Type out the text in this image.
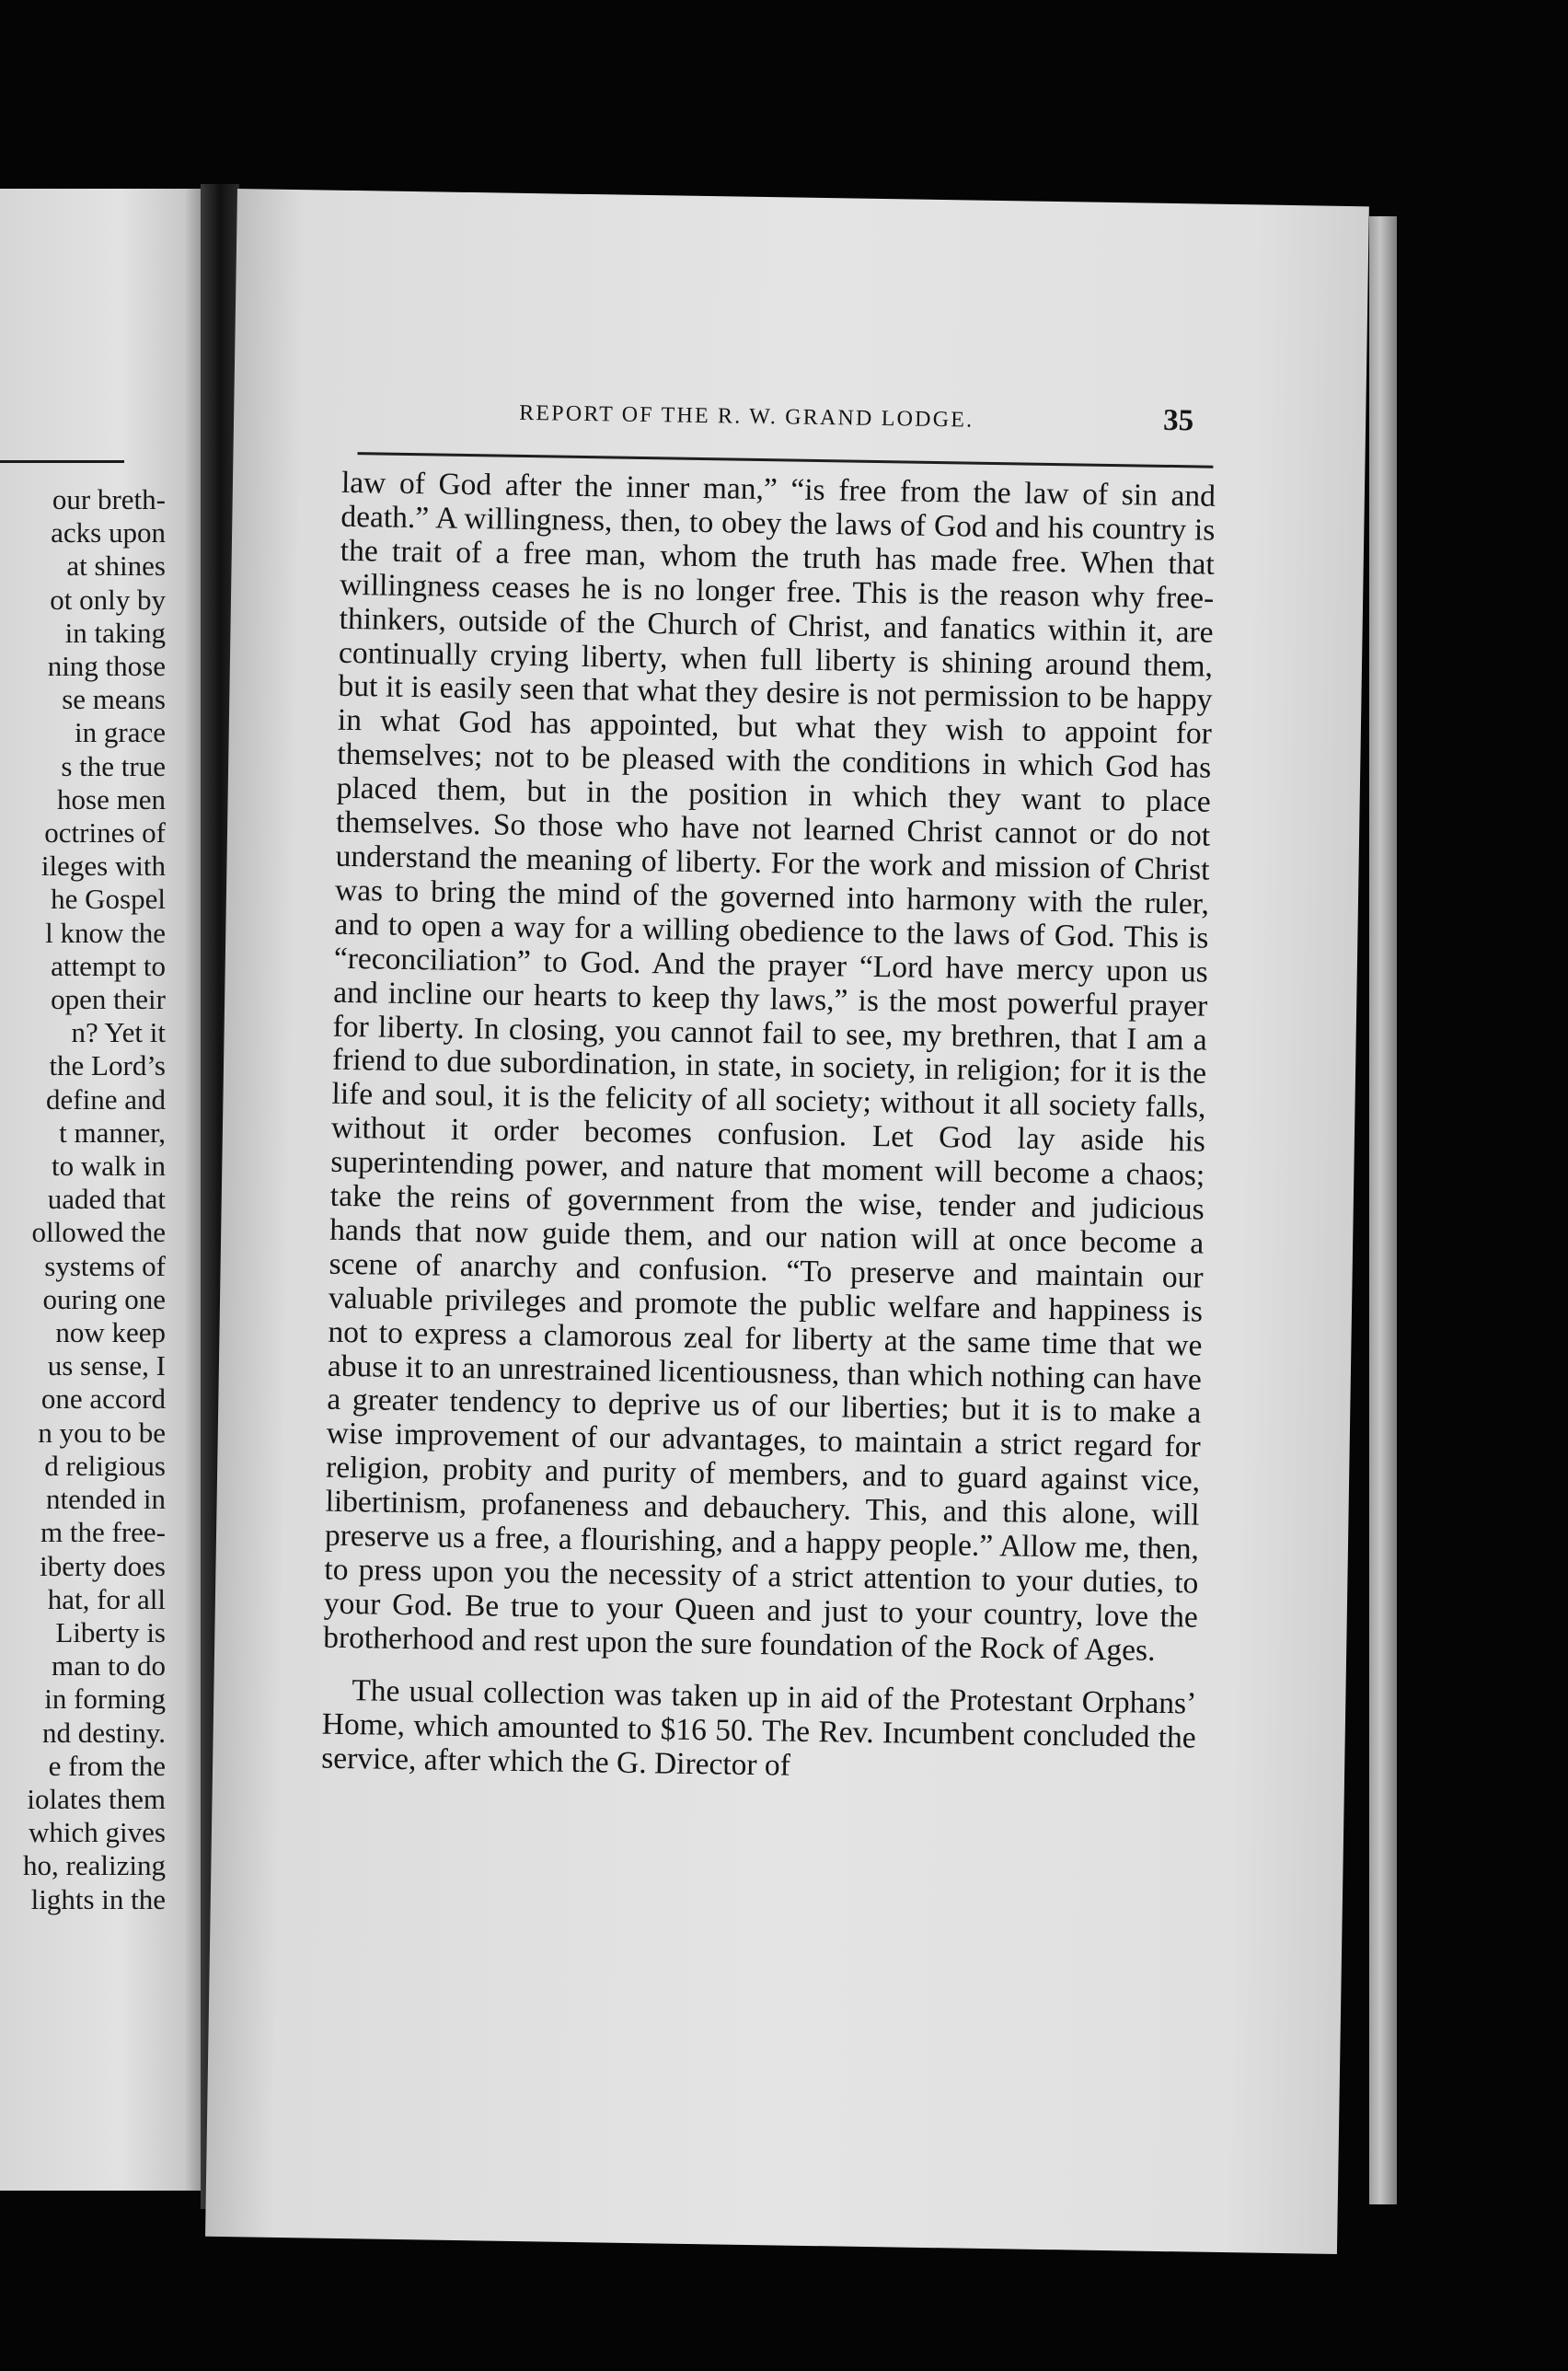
our breth-
acks upon
at shines
ot only by
in taking
ning those
se means
in grace
s the true
hose men
octrines of
ileges with
he Gospel
l know the
attempt to
open their
n? Yet it
the Lord’s
define and
t manner,
to walk in
uaded that
ollowed the
systems of
ouring one
now keep
us sense, I
one accord
n you to be
d religious
ntended in
m the free-
iberty does
hat, for all
Liberty is
man to do
in forming
nd destiny.
e from the
iolates them
which gives
ho, realizing
lights in the
REPORT OF THE R. W. GRAND LODGE.	35

law of God after the inner man,” “is free from the law of sin and death.” A willingness, then, to obey the laws of God and his country is the trait of a free man, whom the truth has made free. When that willingness ceases he is no longer free. This is the reason why free-thinkers, outside of the Church of Christ, and fanatics within it, are continually crying liberty, when full liberty is shining around them, but it is easily seen that what they desire is not permission to be happy in what God has appointed, but what they wish to appoint for themselves; not to be pleased with the conditions in which God has placed them, but in the position in which they want to place themselves. So those who have not learned Christ cannot or do not understand the meaning of liberty. For the work and mission of Christ was to bring the mind of the governed into harmony with the ruler, and to open a way for a willing obedience to the laws of God. This is “reconciliation” to God. And the prayer “Lord have mercy upon us and incline our hearts to keep thy laws,” is the most powerful prayer for liberty. In closing, you cannot fail to see, my brethren, that I am a friend to due subordination, in state, in society, in religion; for it is the life and soul, it is the felicity of all society; without it all society falls, without it order becomes confusion. Let God lay aside his superintending power, and nature that moment will become a chaos; take the reins of government from the wise, tender and judicious hands that now guide them, and our nation will at once become a scene of anarchy and confusion. “To preserve and maintain our valuable privileges and promote the public welfare and happiness is not to express a clamorous zeal for liberty at the same time that we abuse it to an unrestrained licentiousness, than which nothing can have a greater tendency to deprive us of our liberties; but it is to make a wise improvement of our advantages, to maintain a strict regard for religion, probity and purity of members, and to guard against vice, libertinism, profaneness and debauchery. This, and this alone, will preserve us a free, a flourishing, and a happy people.” Allow me, then, to press upon you the necessity of a strict attention to your duties, to your God. Be true to your Queen and just to your country, love the brotherhood and rest upon the sure foundation of the Rock of Ages.

The usual collection was taken up in aid of the Protestant Orphans’ Home, which amounted to $16 50. The Rev. Incumbent concluded the service, after which the G. Director of
